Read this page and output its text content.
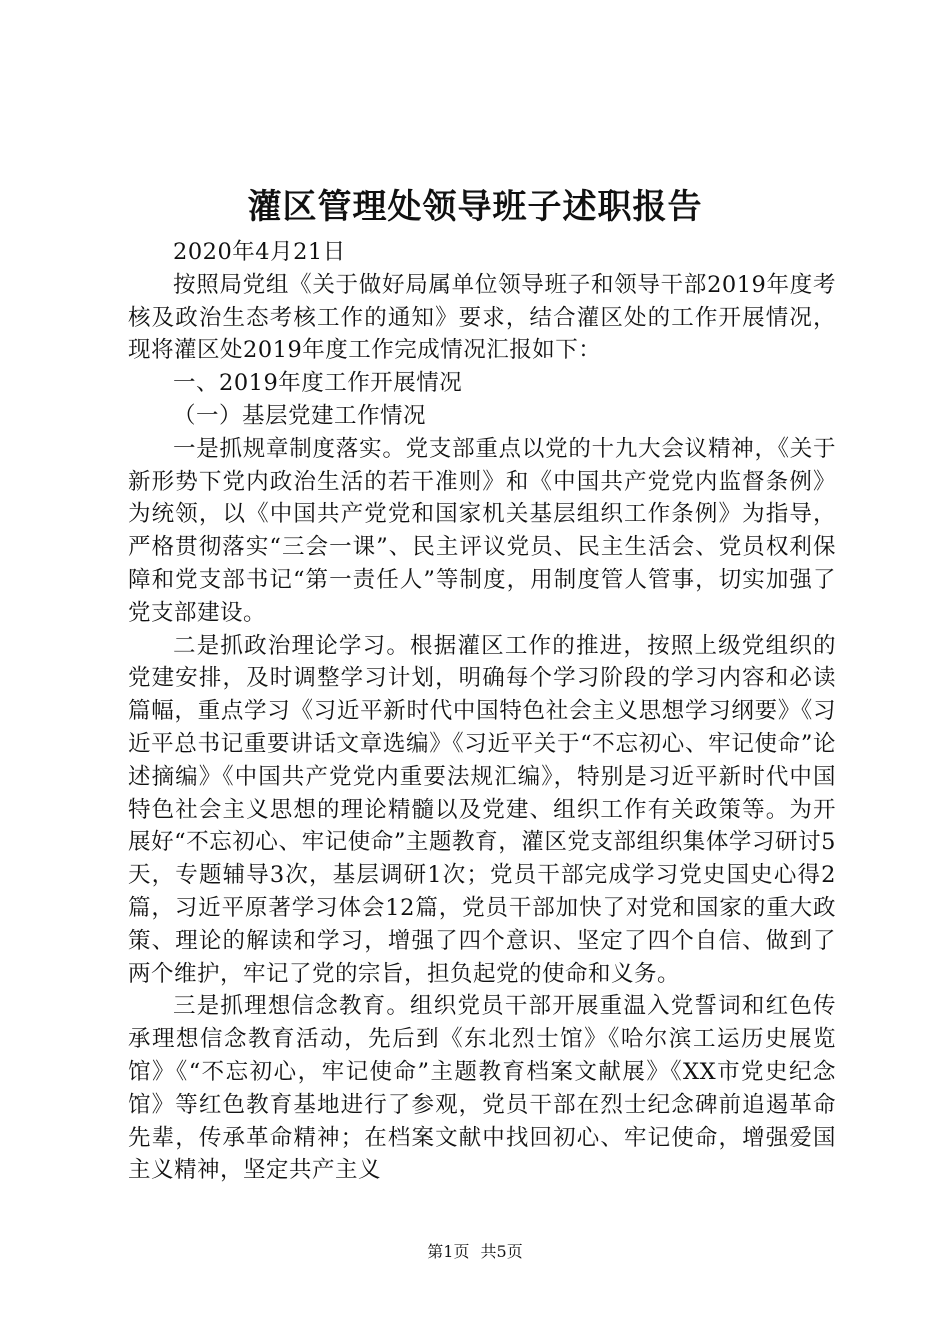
灌区管理处领导班子述职报告

2020年4月21日

按照局党组《关于做好局属单位领导班子和领导干部2019年度考核及政治生态考核工作的通知》要求，结合灌区处的工作开展情况，现将灌区处2019年度工作完成情况汇报如下：

一、2019年度工作开展情况

（一）基层党建工作情况

一是抓规章制度落实。党支部重点以党的十九大会议精神，《关于新形势下党内政治生活的若干准则》和《中国共产党党内监督条例》为统领，以《中国共产党党和国家机关基层组织工作条例》为指导，严格贯彻落实“三会一课”、民主评议党员、民主生活会、党员权利保障和党支部书记“第一责任人”等制度，用制度管人管事，切实加强了党支部建设。

二是抓政治理论学习。根据灌区工作的推进，按照上级党组织的党建安排，及时调整学习计划，明确每个学习阶段的学习内容和必读篇幅，重点学习《习近平新时代中国特色社会主义思想学习纲要》《习近平总书记重要讲话文章选编》《习近平关于“不忘初心、牢记使命”论述摘编》《中国共产党党内重要法规汇编》，特别是习近平新时代中国特色社会主义思想的理论精髓以及党建、组织工作有关政策等。为开展好“不忘初心、牢记使命”主题教育，灌区党支部组织集体学习研讨5天，专题辅导3次，基层调研1次；党员干部完成学习党史国史心得2篇，习近平原著学习体会12篇，党员干部加快了对党和国家的重大政策、理论的解读和学习，增强了四个意识、坚定了四个自信、做到了两个维护，牢记了党的宗旨，担负起党的使命和义务。

三是抓理想信念教育。组织党员干部开展重温入党誓词和红色传承理想信念教育活动，先后到《东北烈士馆》《哈尔滨工运历史展览馆》《“不忘初心，牢记使命”主题教育档案文献展》《XX市党史纪念馆》等红色教育基地进行了参观，党员干部在烈士纪念碑前追遏革命先辈，传承革命精神；在档案文献中找回初心、牢记使命，增强爱国主义精神，坚定共产主义

第1页 共5页
